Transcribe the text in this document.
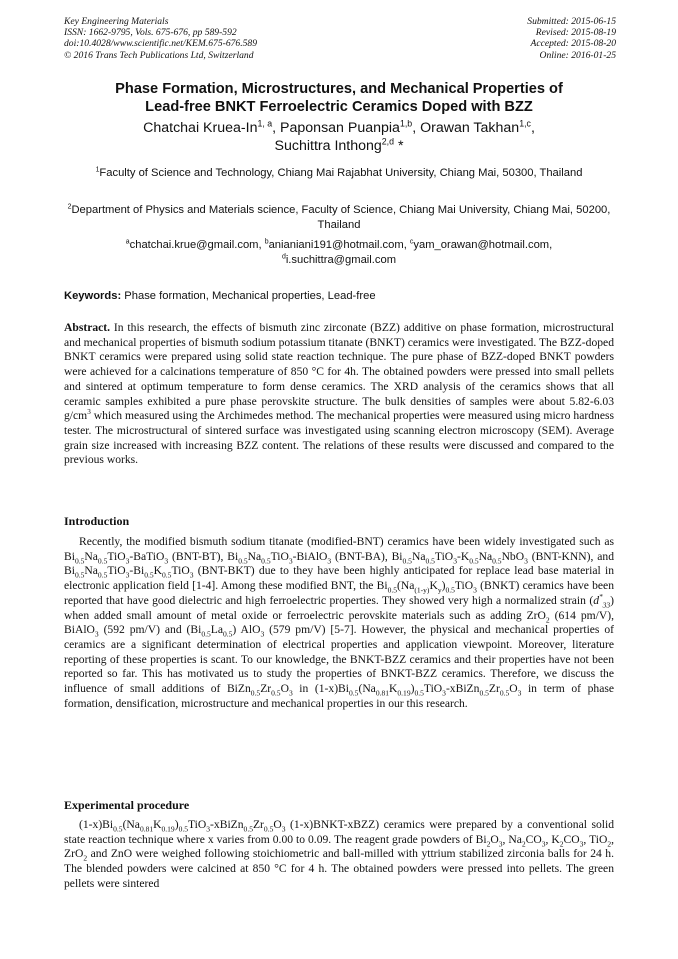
Key Engineering Materials
ISSN: 1662-9795, Vols. 675-676, pp 589-592
doi:10.4028/www.scientific.net/KEM.675-676.589
© 2016 Trans Tech Publications Ltd, Switzerland
Submitted: 2015-06-15
Revised: 2015-08-19
Accepted: 2015-08-20
Online: 2016-01-25
Phase Formation, Microstructures, and Mechanical Properties of
Lead-free BNKT Ferroelectric Ceramics Doped with BZZ
Chatchai Kruea-In$^{1, a}$, Paponsan Puanpia$^{1,b}$, Orawan Takhan$^{1,c}$,
Suchittra Inthong$^{2,d}$ *
$^1$Faculty of Science and Technology, Chiang Mai Rajabhat University, Chiang Mai, 50300, Thailand
$^2$Department of Physics and Materials science, Faculty of Science, Chiang Mai University, Chiang Mai, 50200, Thailand
$^a$chatchai.krue@gmail.com, $^b$anianiani191@hotmail.com, $^c$yam_orawan@hotmail.com,
$^d$i.suchittra@gmail.com
Keywords: Phase formation, Mechanical properties, Lead-free
Abstract. In this research, the effects of bismuth zinc zirconate (BZZ) additive on phase formation, microstructural and mechanical properties of bismuth sodium potassium titanate (BNKT) ceramics were investigated. The BZZ-doped BNKT ceramics were prepared using solid state reaction technique. The pure phase of BZZ-doped BNKT powders were achieved for a calcinations temperature of 850 °C for 4h. The obtained powders were pressed into small pellets and sintered at optimum temperature to form dense ceramics. The XRD analysis of the ceramics shows that all ceramic samples exhibited a pure phase perovskite structure. The bulk densities of samples were about 5.82-6.03 $g/cm^3$ which measured using the Archimedes method. The mechanical properties were measured using micro hardness tester. The microstructural of sintered surface was investigated using scanning electron microscopy (SEM). Average grain size increased with increasing BZZ content. The relations of these results were discussed and compared to the previous works.
Introduction
Recently, the modified bismuth sodium titanate (modified-BNT) ceramics have been widely investigated such as $Bi_{0.5}Na_{0.5}TiO_3-BaTiO_3$ (BNT-BT), $Bi_{0.5}Na_{0.5}TiO_3-BiAlO_3$ (BNT-BA), $Bi_{0.5}Na_{0.5}TiO_3-K_{0.5}Na_{0.5}NbO_3$ (BNT-KNN), and $Bi_{0.5}Na_{0.5}TiO_3-Bi_{0.5}K_{0.5}TiO_3$ (BNT-BKT) due to they have been highly anticipated for replace lead base material in electronic application field [1-4]. Among these modified BNT, the $Bi_{0.5}(Na_{(1-y)}K_y)_{0.5}TiO_3$ (BNKT) ceramics have been reported that have good dielectric and high ferroelectric properties. They showed very high a normalized strain $(d^*_{33})$ when added small amount of metal oxide or ferroelectric perovskite materials such as adding ZrO$_2$ (614 pm/V), BiAlO$_3$ (592 pm/V) and $(Bi_{0.5}La_{0.5})$ AlO$_3$ (579 pm/V) [5-7]. However, the physical and mechanical properties of ceramics are a significant determination of electrical properties and application viewpoint. Moreover, literature reporting of these properties is scant. To our knowledge, the BNKT-BZZ ceramics and their properties have not been reported so far. This has motivated us to study the properties of BNKT-BZZ ceramics. Therefore, we discuss the influence of small additions of $BiZn_{0.5}Zr_{0.5}O_3$ in $(1-x)Bi_{0.5}(Na_{0.81}K_{0.19})_{0.5}TiO_3-xBiZn_{0.5}Zr_{0.5}O_3$ in term of phase formation, densification, microstructure and mechanical properties in our this research.
Experimental procedure
$(1-x)Bi_{0.5}(Na_{0.81}K_{0.19})_{0.5}TiO_3-xBiZn_{0.5}Zr_{0.5}O_3$ (1-x)BNKT-xBZZ) ceramics were prepared by a conventional solid state reaction technique where x varies from 0.00 to 0.09. The reagent grade powders of $Bi_2O_3$, $Na_2CO_3$, $K_2CO_3$, TiO$_2$, ZrO$_2$ and ZnO were weighed following stoichiometric and ball-milled with yttrium stabilized zirconia balls for 24 h. The blended powders were calcined at 850 °C for 4 h. The obtained powders were pressed into pellets. The green pellets were sintered
